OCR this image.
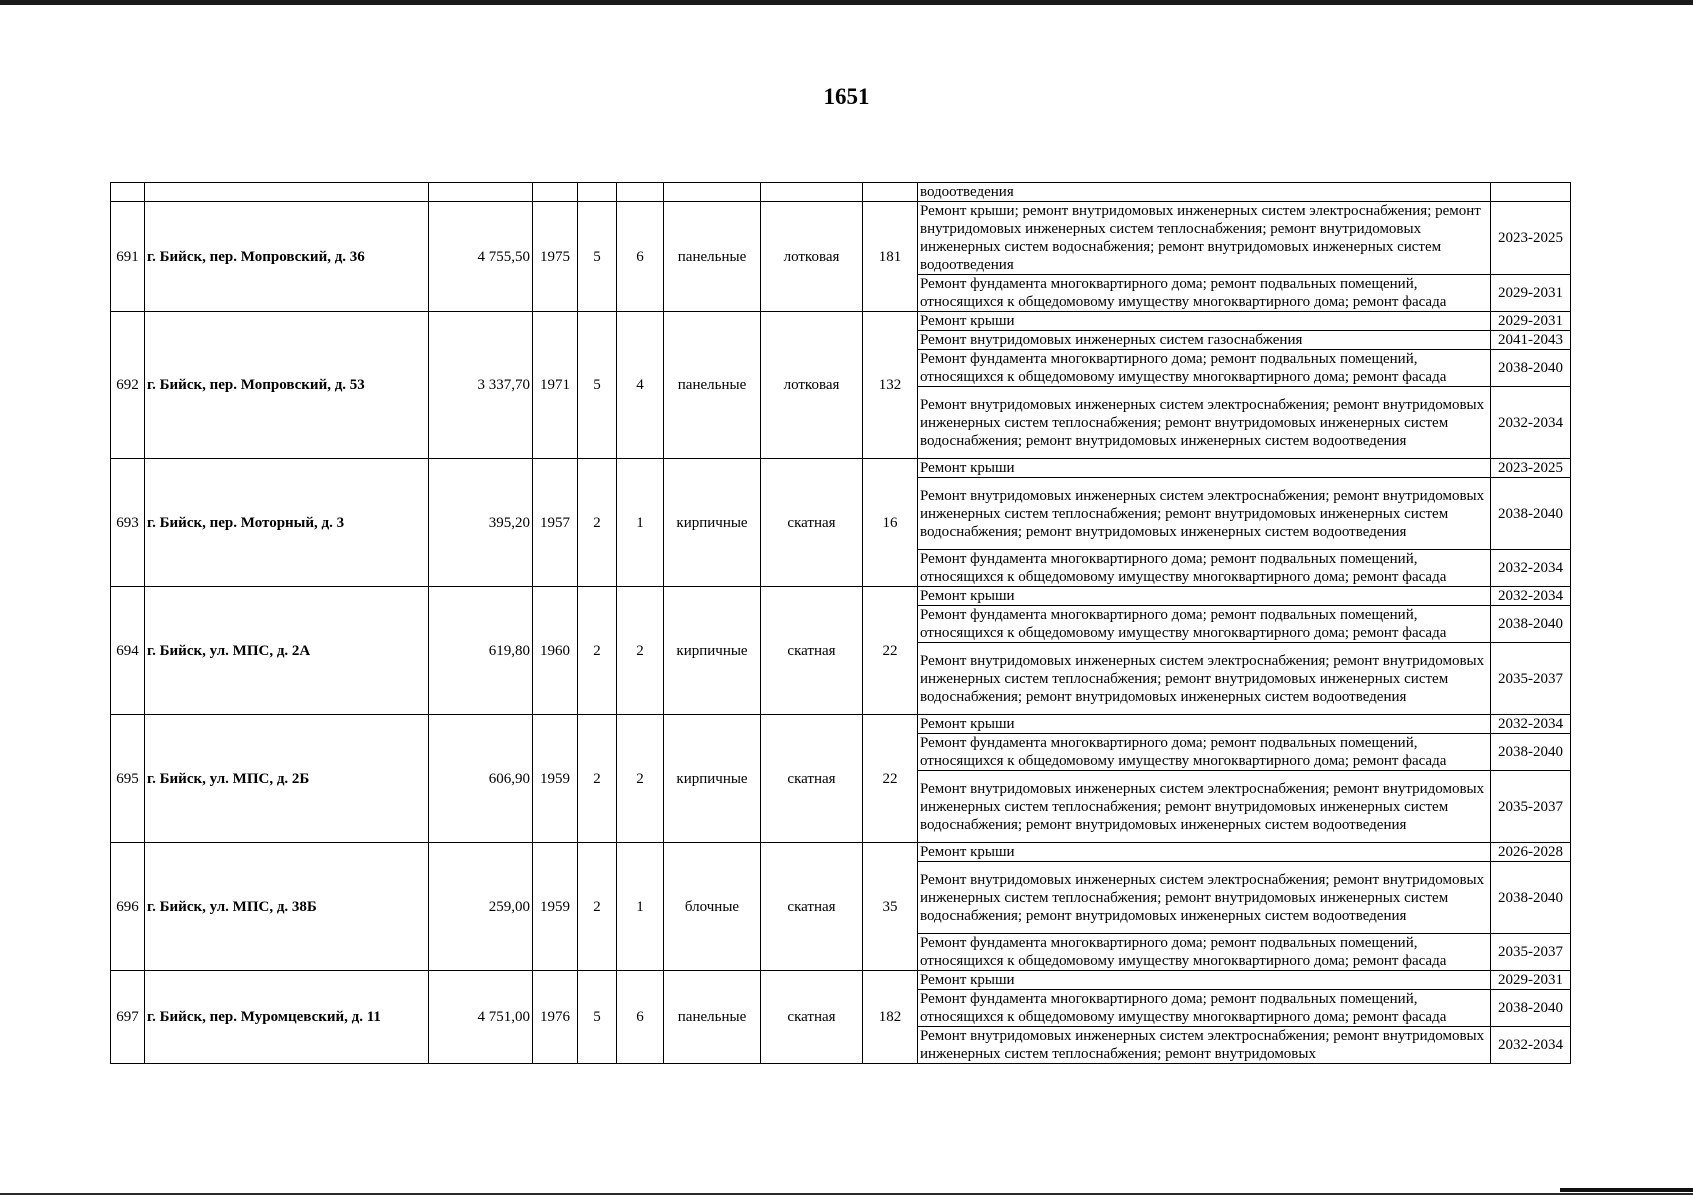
1651
									водоотведения	
691	г. Бийск, пер. Мопровский, д. 36	4 755,50	1975	5	6	панельные	лотковая	181	Ремонт крыши; ремонт внутридомовых инженерных систем электроснабжения; ремонт внутридомовых инженерных систем теплоснабжения; ремонт внутридомовых инженерных систем водоснабжения; ремонт внутридомовых инженерных систем водоотведения	2023-2025
									Ремонт фундамента многоквартирного дома; ремонт подвальных помещений, относящихся к общедомовому имуществу многоквартирного дома; ремонт фасада	2029-2031
692	г. Бийск, пер. Мопровский, д. 53	3 337,70	1971	5	4	панельные	лотковая	132	Ремонт крыши	2029-2031
									Ремонт внутридомовых инженерных систем газоснабжения	2041-2043
									Ремонт фундамента многоквартирного дома; ремонт подвальных помещений, относящихся к общедомовому имуществу многоквартирного дома; ремонт фасада	2038-2040
									Ремонт внутридомовых инженерных систем электроснабжения; ремонт внутридомовых инженерных систем теплоснабжения; ремонт внутридомовых инженерных систем водоснабжения; ремонт внутридомовых инженерных систем водоотведения	2032-2034
693	г. Бийск, пер. Моторный, д. 3	395,20	1957	2	1	кирпичные	скатная	16	Ремонт крыши	2023-2025
									Ремонт внутридомовых инженерных систем электроснабжения; ремонт внутридомовых инженерных систем теплоснабжения; ремонт внутридомовых инженерных систем водоснабжения; ремонт внутридомовых инженерных систем водоотведения	2038-2040
									Ремонт фундамента многоквартирного дома; ремонт подвальных помещений, относящихся к общедомовому имуществу многоквартирного дома; ремонт фасада	2032-2034
694	г. Бийск, ул. МПС, д. 2А	619,80	1960	2	2	кирпичные	скатная	22	Ремонт крыши	2032-2034
									Ремонт фундамента многоквартирного дома; ремонт подвальных помещений, относящихся к общедомовому имуществу многоквартирного дома; ремонт фасада	2038-2040
									Ремонт внутридомовых инженерных систем электроснабжения; ремонт внутридомовых инженерных систем теплоснабжения; ремонт внутридомовых инженерных систем водоснабжения; ремонт внутридомовых инженерных систем водоотведения	2035-2037
695	г. Бийск, ул. МПС, д. 2Б	606,90	1959	2	2	кирпичные	скатная	22	Ремонт крыши	2032-2034
									Ремонт фундамента многоквартирного дома; ремонт подвальных помещений, относящихся к общедомовому имуществу многоквартирного дома; ремонт фасада	2038-2040
									Ремонт внутридомовых инженерных систем электроснабжения; ремонт внутридомовых инженерных систем теплоснабжения; ремонт внутридомовых инженерных систем водоснабжения; ремонт внутридомовых инженерных систем водоотведения	2035-2037
696	г. Бийск, ул. МПС, д. 38Б	259,00	1959	2	1	блочные	скатная	35	Ремонт крыши	2026-2028
									Ремонт внутридомовых инженерных систем электроснабжения; ремонт внутридомовых инженерных систем теплоснабжения; ремонт внутридомовых инженерных систем водоснабжения; ремонт внутридомовых инженерных систем водоотведения	2038-2040
									Ремонт фундамента многоквартирного дома; ремонт подвальных помещений, относящихся к общедомовому имуществу многоквартирного дома; ремонт фасада	2035-2037
697	г. Бийск, пер. Муромцевский, д. 11	4 751,00	1976	5	6	панельные	скатная	182	Ремонт крыши	2029-2031
									Ремонт фундамента многоквартирного дома; ремонт подвальных помещений, относящихся к общедомовому имуществу многоквартирного дома; ремонт фасада	2038-2040
									Ремонт внутридомовых инженерных систем электроснабжения; ремонт внутридомовых инженерных систем теплоснабжения; ремонт внутридомовых	2032-2034
